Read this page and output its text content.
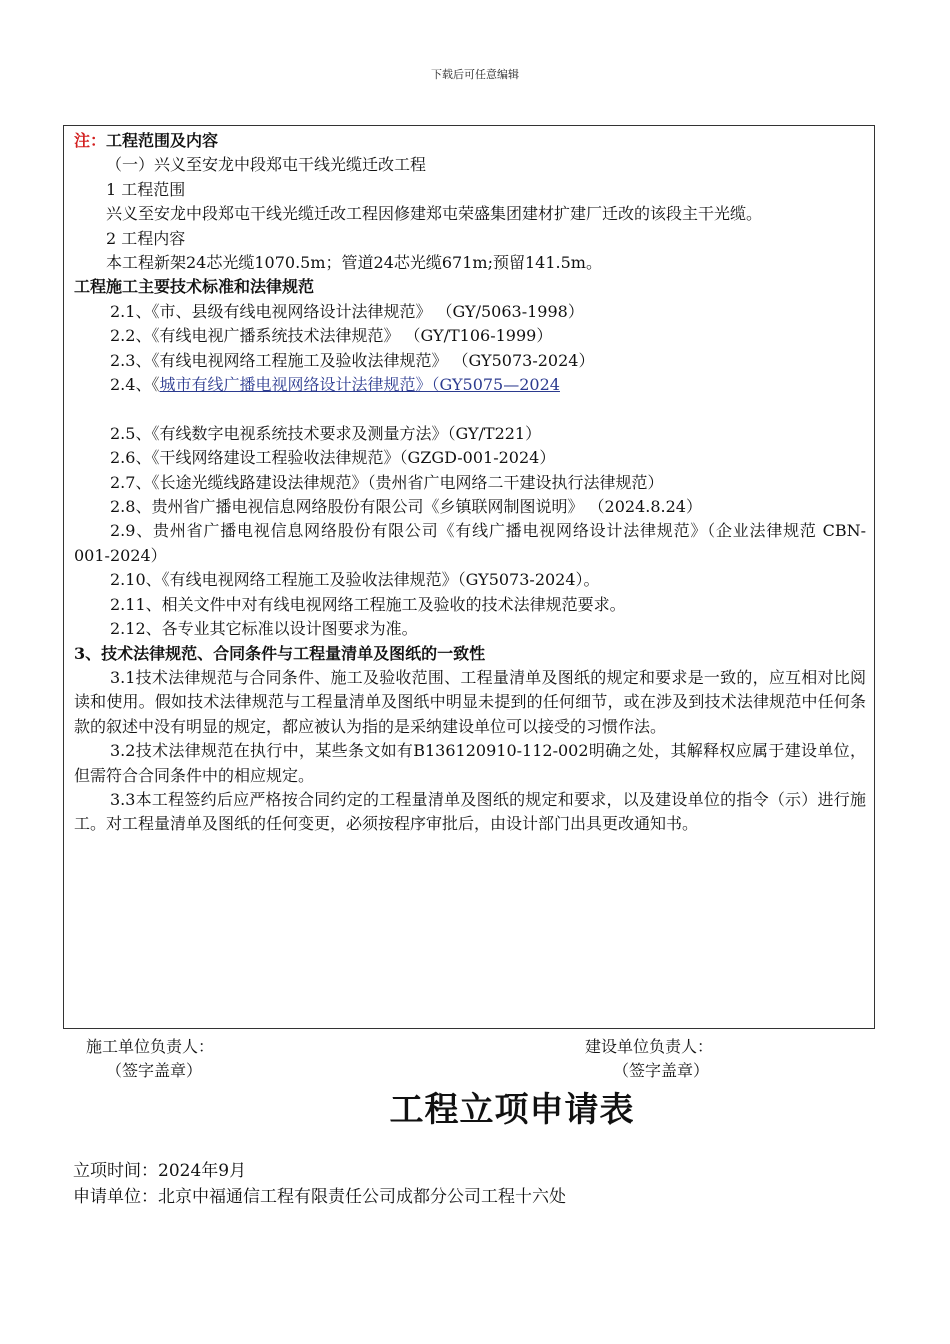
下载后可任意编辑
注：工程范围及内容
（一）兴义至安龙中段郑屯干线光缆迁改工程
1 工程范围
兴义至安龙中段郑屯干线光缆迁改工程因修建郑屯荣盛集团建材扩建厂迁改的该段主干光缆。
2 工程内容
本工程新架24芯光缆1070.5m；管道24芯光缆671m;预留141.5m。
工程施工主要技术标准和法律规范
2.1、《市、县级有线电视网络设计法律规范》 （GY/5063-1998）
2.2、《有线电视广播系统技术法律规范》 （GY/T106-1999）
2.3、《有线电视网络工程施工及验收法律规范》 （GY5073-2024）
2.4、《城市有线广播电视网络设计法律规范》（GY5075—2024
2.5、《有线数字电视系统技术要求及测量方法》（GY/T221）
2.6、《干线网络建设工程验收法律规范》（GZGD-001-2024）
2.7、《长途光缆线路建设法律规范》（贵州省广电网络二干建设执行法律规范）
2.8、贵州省广播电视信息网络股份有限公司《乡镇联网制图说明》 （2024.8.24）
2.9、贵州省广播电视信息网络股份有限公司《有线广播电视网络设计法律规范》（企业法律规范 CBN-001-2024）
2.10、《有线电视网络工程施工及验收法律规范》（GY5073-2024）。
2.11、相关文件中对有线电视网络工程施工及验收的技术法律规范要求。
2.12、各专业其它标准以设计图要求为准。
3、技术法律规范、合同条件与工程量清单及图纸的一致性
3.1技术法律规范与合同条件、施工及验收范围、工程量清单及图纸的规定和要求是一致的，应互相对比阅读和使用。假如技术法律规范与工程量清单及图纸中明显未提到的任何细节，或在涉及到技术法律规范中任何条款的叙述中没有明显的规定，都应被认为指的是采纳建设单位可以接受的习惯作法。
3.2技术法律规范在执行中，某些条文如有B136120910-112-002明确之处，其解释权应属于建设单位，但需符合合同条件中的相应规定。
3.3本工程签约后应严格按合同约定的工程量清单及图纸的规定和要求，以及建设单位的指令（示）进行施工。对工程量清单及图纸的任何变更，必须按程序审批后，由设计部门出具更改通知书。
施工单位负责人：
（签字盖章）
建设单位负责人：
（签字盖章）
工程立项申请表
立项时间：2024年9月
申请单位：北京中福通信工程有限责任公司成都分公司工程十六处
